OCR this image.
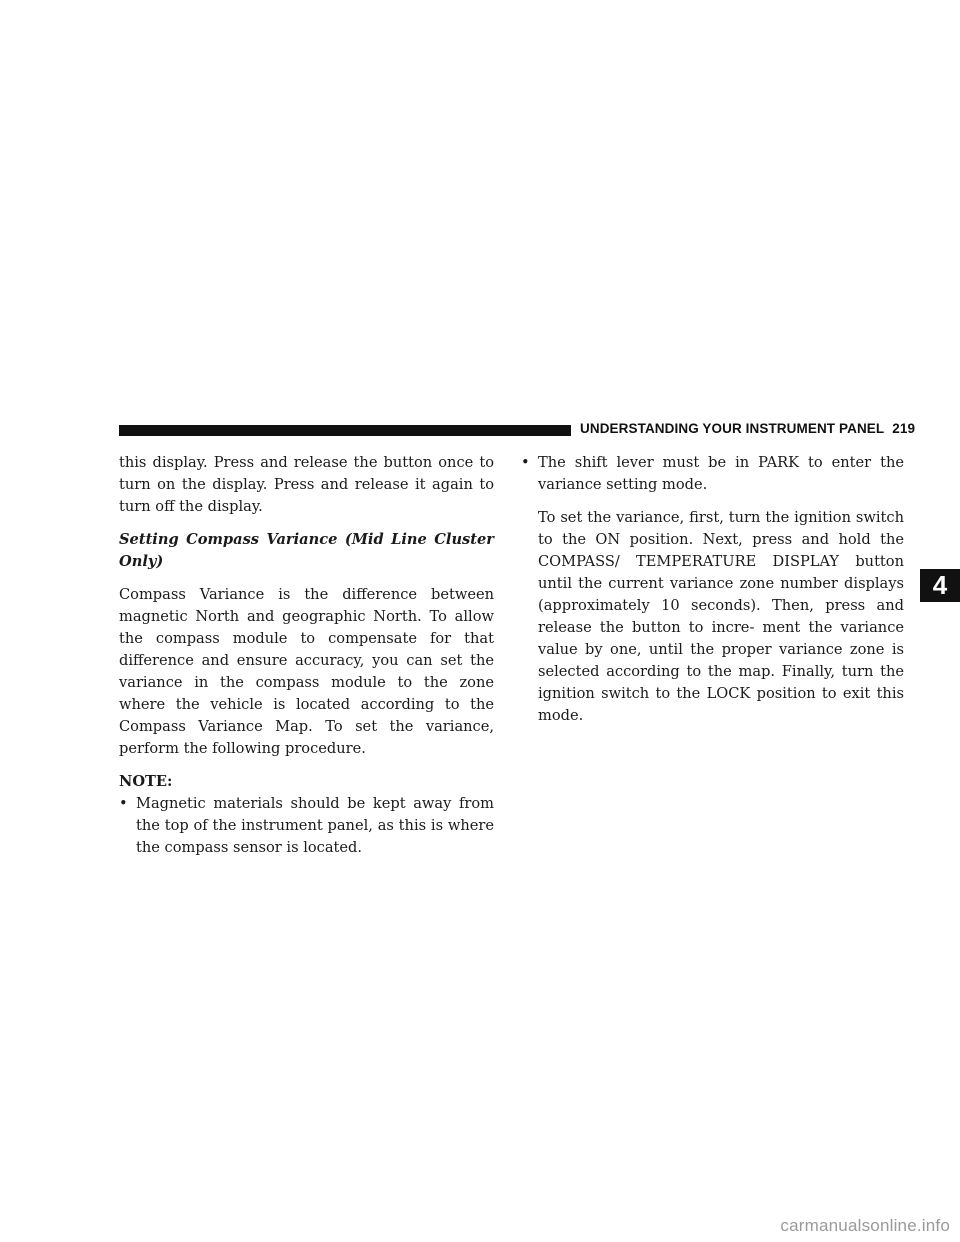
UNDERSTANDING YOUR INSTRUMENT PANEL 219
4

this display. Press and release the button once to turn on the display. Press and release it again to turn off the display.

Setting Compass Variance (Mid Line Cluster Only)

Compass Variance is the difference between magnetic North and geographic North. To allow the compass module to compensate for that difference and ensure accuracy, you can set the variance in the compass module to the zone where the vehicle is located according to the Compass Variance Map. To set the variance, perform the following procedure.

NOTE:

• Magnetic materials should be kept away from the top of the instrument panel, as this is where the compass sensor is located.

• The shift lever must be in PARK to enter the variance setting mode.

To set the variance, first, turn the ignition switch to the ON position. Next, press and hold the COMPASS/ TEMPERATURE DISPLAY button until the current variance zone number displays (approximately 10 seconds). Then, press and release the button to incre- ment the variance value by one, until the proper variance zone is selected according to the map. Finally, turn the ignition switch to the LOCK position to exit this mode.

carmanualsonline.info
